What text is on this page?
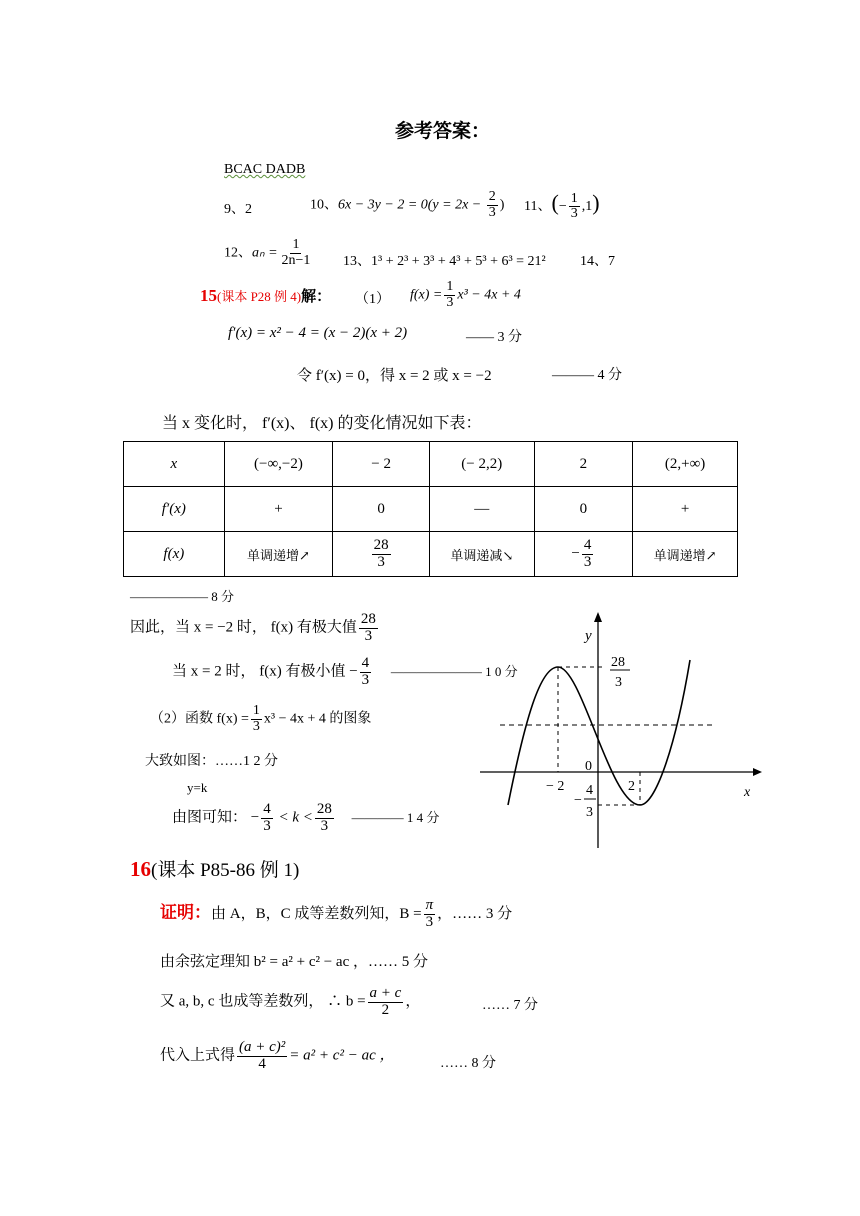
参考答案：
BCAC DADB
9、2	10、$6x - 3y - 2 = 0(y = 2x - \frac{2}{3}$ ) 11、(− $\frac{1}{3} ,1$)
12、$a_n = \frac{1}{2n-1} 13$、1³ + 2³ + 3³ + 4³ + 5³ + 6³ = 21² 14、7
15(课本 P28 例 4)解： （1） $f(x) = \frac{1}{3} x^3 - 4x + 4$
f′(x) = x² − 4 = (x − 2)(x + 2)	—— 3 分
令 f′(x) = 0，得 x = 2 或 x = −2	——— 4 分
当 x 变化时， f′(x)、 f(x) 的变化情况如下表：
x	(−∞,−2)	− 2	(− 2,2)	2	(2,+∞)
f′(x)	+	0	—	0	+
f(x)	单调递增↗	$\frac{28}{3}$	单调递减↘	− $\frac{4}{3}$	单调递增↗
—————— 8 分
因此，当 x = −2 时， f(x) 有极大值 $\frac{28}{3}$
当 x = 2 时， f(x) 有极小值 − $\frac{4}{3}$ ——————— 1 0 分
（2）函数 $f(x) = \frac{1}{3} x^3 - 4x + 4$ 的图象
大致如图：……1 2 分
y=k
由图可知： − $\frac{4}{3} < k < \frac{28}{3}$ ———— 1 4 分
y
x
0
28
3
− 2	2
−
4
3
16(课本 P85-86 例 1)
证明：由 A，B，C 成等差数列知，$B = \frac{\pi}{3}$ ，…… 3 分
由余弦定理知 b² = a² + c² − ac ，…… 5 分
又 a, b, c 也成等差数列， ∴ $b = \frac{a + c}{2}$ ，	…… 7 分
代入上式得 $\frac{\text{(a + c)²}}{4} = a^2 + c^2$ − ac ，	…… 8 分
